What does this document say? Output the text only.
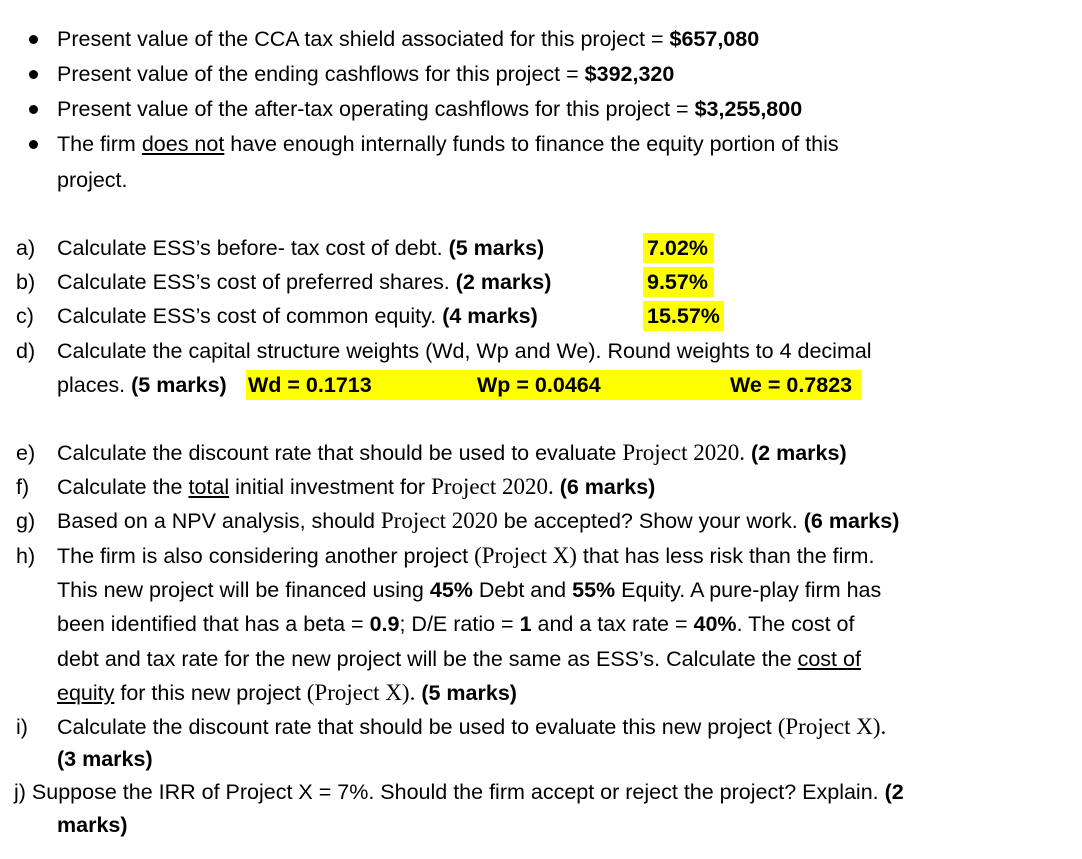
Present value of the CCA tax shield associated for this project = $657,080
Present value of the ending cashflows for this project = $392,320
Present value of the after-tax operating cashflows for this project = $3,255,800
The firm does not have enough internally funds to finance the equity portion of this
project.
a) Calculate ESS’s before- tax cost of debt. (5 marks)	7.02%
b) Calculate ESS’s cost of preferred shares. (2 marks)	9.57%
c) Calculate ESS’s cost of common equity. (4 marks)	15.57%
d) Calculate the capital structure weights (Wd, Wp and We). Round weights to 4 decimal
places. (5 marks) Wd = 0.1713	Wp = 0.0464	We = 0.7823
e) Calculate the discount rate that should be used to evaluate Project 2020. (2 marks)
f) Calculate the total initial investment for Project 2020. (6 marks)
g) Based on a NPV analysis, should Project 2020 be accepted? Show your work. (6 marks)
h) The firm is also considering another project (Project X) that has less risk than the firm.
This new project will be financed using 45% Debt and 55% Equity. A pure-play firm has
been identified that has a beta = 0.9; D/E ratio = 1 and a tax rate = 40%. The cost of
debt and tax rate for the new project will be the same as ESS’s. Calculate the cost of
equity for this new project (Project X). (5 marks)
i) Calculate the discount rate that should be used to evaluate this new project (Project X).
(3 marks)
j) Suppose the IRR of Project X = 7%. Should the firm accept or reject the project? Explain. (2
marks)
